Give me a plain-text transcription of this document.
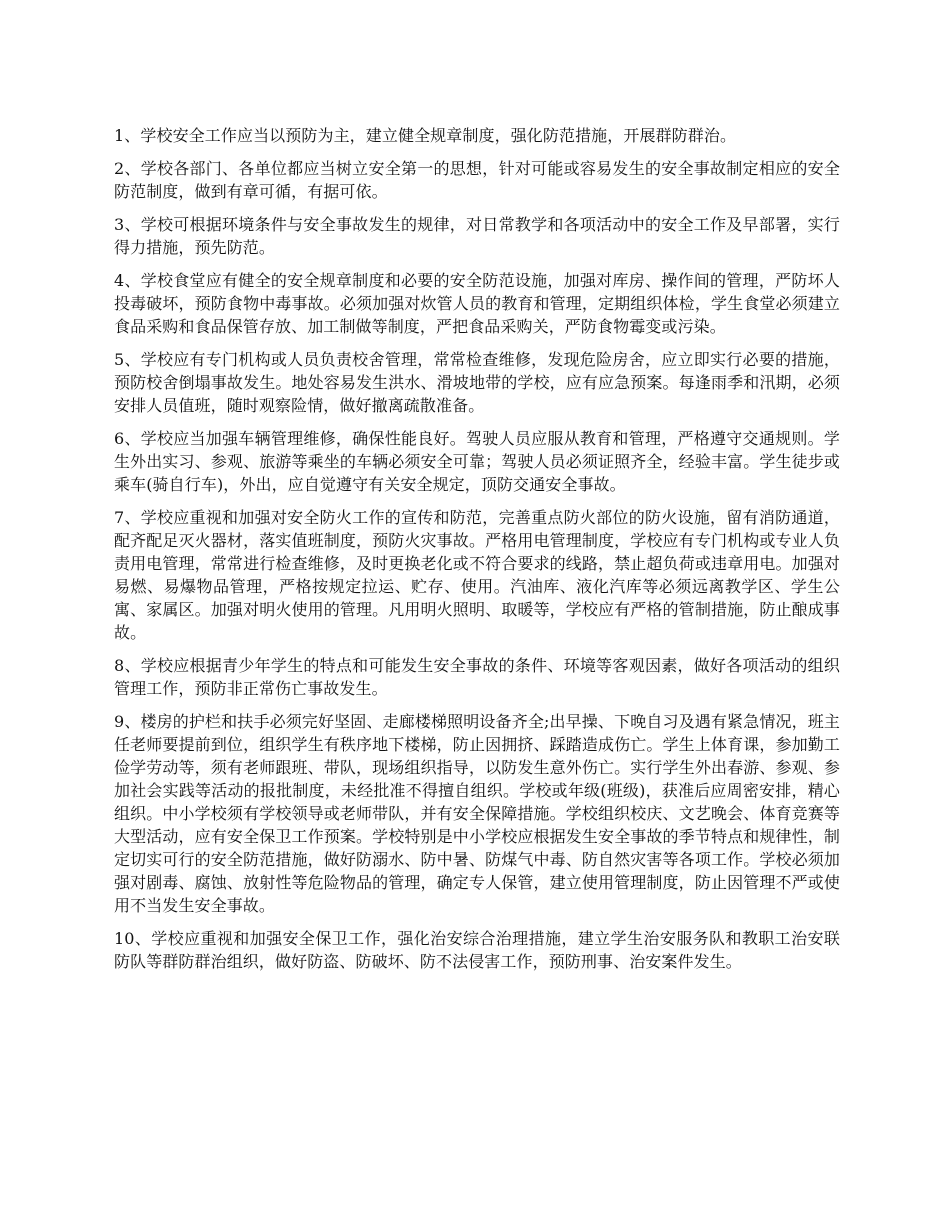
1、学校安全工作应当以预防为主，建立健全规章制度，强化防范措施，开展群防群治。

2、学校各部门、各单位都应当树立安全第一的思想，针对可能或容易发生的安全事故制定相应的安全防范制度，做到有章可循，有据可依。

3、学校可根据环境条件与安全事故发生的规律，对日常教学和各项活动中的安全工作及早部署，实行得力措施，预先防范。

4、学校食堂应有健全的安全规章制度和必要的安全防范设施，加强对库房、操作间的管理，严防坏人投毒破坏，预防食物中毒事故。必须加强对炊管人员的教育和管理，定期组织体检，学生食堂必须建立食品采购和食品保管存放、加工制做等制度，严把食品采购关，严防食物霉变或污染。

5、学校应有专门机构或人员负责校舍管理，常常检查维修，发现危险房舍，应立即实行必要的措施，预防校舍倒塌事故发生。地处容易发生洪水、滑坡地带的学校，应有应急预案。每逢雨季和汛期，必须安排人员值班，随时观察险情，做好撤离疏散准备。

6、学校应当加强车辆管理维修，确保性能良好。驾驶人员应服从教育和管理，严格遵守交通规则。学生外出实习、参观、旅游等乘坐的车辆必须安全可靠；驾驶人员必须证照齐全，经验丰富。学生徒步或乘车(骑自行车)，外出，应自觉遵守有关安全规定，顶防交通安全事故。

7、学校应重视和加强对安全防火工作的宣传和防范，完善重点防火部位的防火设施，留有消防通道，配齐配足灭火器材，落实值班制度，预防火灾事故。严格用电管理制度，学校应有专门机构或专业人负责用电管理，常常进行检查维修，及时更换老化或不符合要求的线路，禁止超负荷或违章用电。加强对易燃、易爆物品管理，严格按规定拉运、贮存、使用。汽油库、液化汽库等必须远离教学区、学生公寓、家属区。加强对明火使用的管理。凡用明火照明、取暖等，学校应有严格的管制措施，防止酿成事故。

8、学校应根据青少年学生的特点和可能发生安全事故的条件、环境等客观因素，做好各项活动的组织管理工作，预防非正常伤亡事故发生。

9、楼房的护栏和扶手必须完好坚固、走廊楼梯照明设备齐全;出早操、下晚自习及遇有紧急情况，班主任老师要提前到位，组织学生有秩序地下楼梯，防止因拥挤、踩踏造成伤亡。学生上体育课，参加勤工俭学劳动等，须有老师跟班、带队，现场组织指导，以防发生意外伤亡。实行学生外出春游、参观、参加社会实践等活动的报批制度，未经批准不得擅自组织。学校或年级(班级)，获准后应周密安排，精心组织。中小学校须有学校领导或老师带队，并有安全保障措施。学校组织校庆、文艺晚会、体育竞赛等大型活动，应有安全保卫工作预案。学校特别是中小学校应根据发生安全事故的季节特点和规律性，制定切实可行的安全防范措施，做好防溺水、防中暑、防煤气中毒、防自然灾害等各项工作。学校必须加强对剧毒、腐蚀、放射性等危险物品的管理，确定专人保管，建立使用管理制度，防止因管理不严或使用不当发生安全事故。

10、学校应重视和加强安全保卫工作，强化治安综合治理措施，建立学生治安服务队和教职工治安联防队等群防群治组织，做好防盗、防破坏、防不法侵害工作，预防刑事、治安案件发生。
